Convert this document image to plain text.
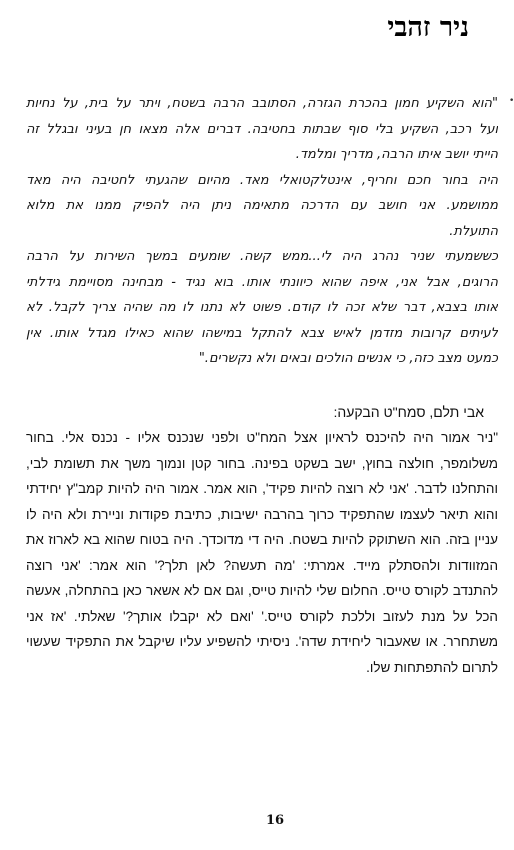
ניר זהבי
•
"הוא השקיע חמון בהכרת הגזרה, הסתובב הרבה בשטח, ויתר על בית, על נחיות
ועל רכב, השקיע בלי סוף שבתות בחטיבה. דברים אלה מצאו חן בעיני ובגלל זה
הייתי יושב איתו הרבה, מדריך ומלמד.
היה בחור חכם וחריף, אינטלקטואלי מאד. מהיום שהגעתי לחטיבה היה מאד
ממושמע. אני חושב עם הדרכה מתאימה ניתן היה להפיק ממנו את מלוא
התועלת.
כששמעתי שניר נהרג היה לי...ממש קשה. שומעים במשך השירות על הרבה
הרוגים, אבל אני, איפה שהוא כיוונתי אותו. בוא נגיד - מבחינה מסויימת גידלתי
אותו בצבא, דבר שלא זכה לו קודם. פשוט לא נתנו לו מה שהיה צריך לקבל. לא
לעיתים קרובות מזדמן לאיש צבא להתקל במישהו שהוא כאילו מגדל אותו. אין
כמעט מצב כזה, כי אנשים הולכים ובאים ולא נקשרים."
אבי תלם, סמח"ט הבקעה:
"ניר אמור היה להיכנס לראיון אצל המח"ט ולפני שנכנס אליו - נכנס אלי. בחור
משלומפר, חולצה בחוץ, ישב בשקט בפינה. בחור קטן ונמוך משך את תשומת לבי,
והתחלנו לדבר. 'אני לא רוצה להיות פקיד', הוא אמר. אמור היה להיות קמב"ץ יחידתי
והוא תיאר לעצמו שהתפקיד כרוך בהרבה ישיבות, כתיבת פקודות וניירת ולא היה לו
עניין בזה. הוא השתוקק להיות בשטח. היה די מדוכדך. היה בטוח שהוא בא לארוז את
המזוודות ולהסתלק מייד. אמרתי: 'מה תעשה? לאן תלך?' הוא אמר: 'אני רוצה
להתנדב לקורס טייס. החלום שלי להיות טייס, וגם אם לא אשאר כאן בהתחלה, אעשה
הכל על מנת לעזוב וללכת לקורס טייס.' 'ואם לא יקבלו אותך?' שאלתי. 'אז אני
משתחרר. או שאעבור ליחידת שדה'. ניסיתי להשפיע עליו שיקבל את התפקיד שעשוי
לתרום להתפתחות שלו.
16
